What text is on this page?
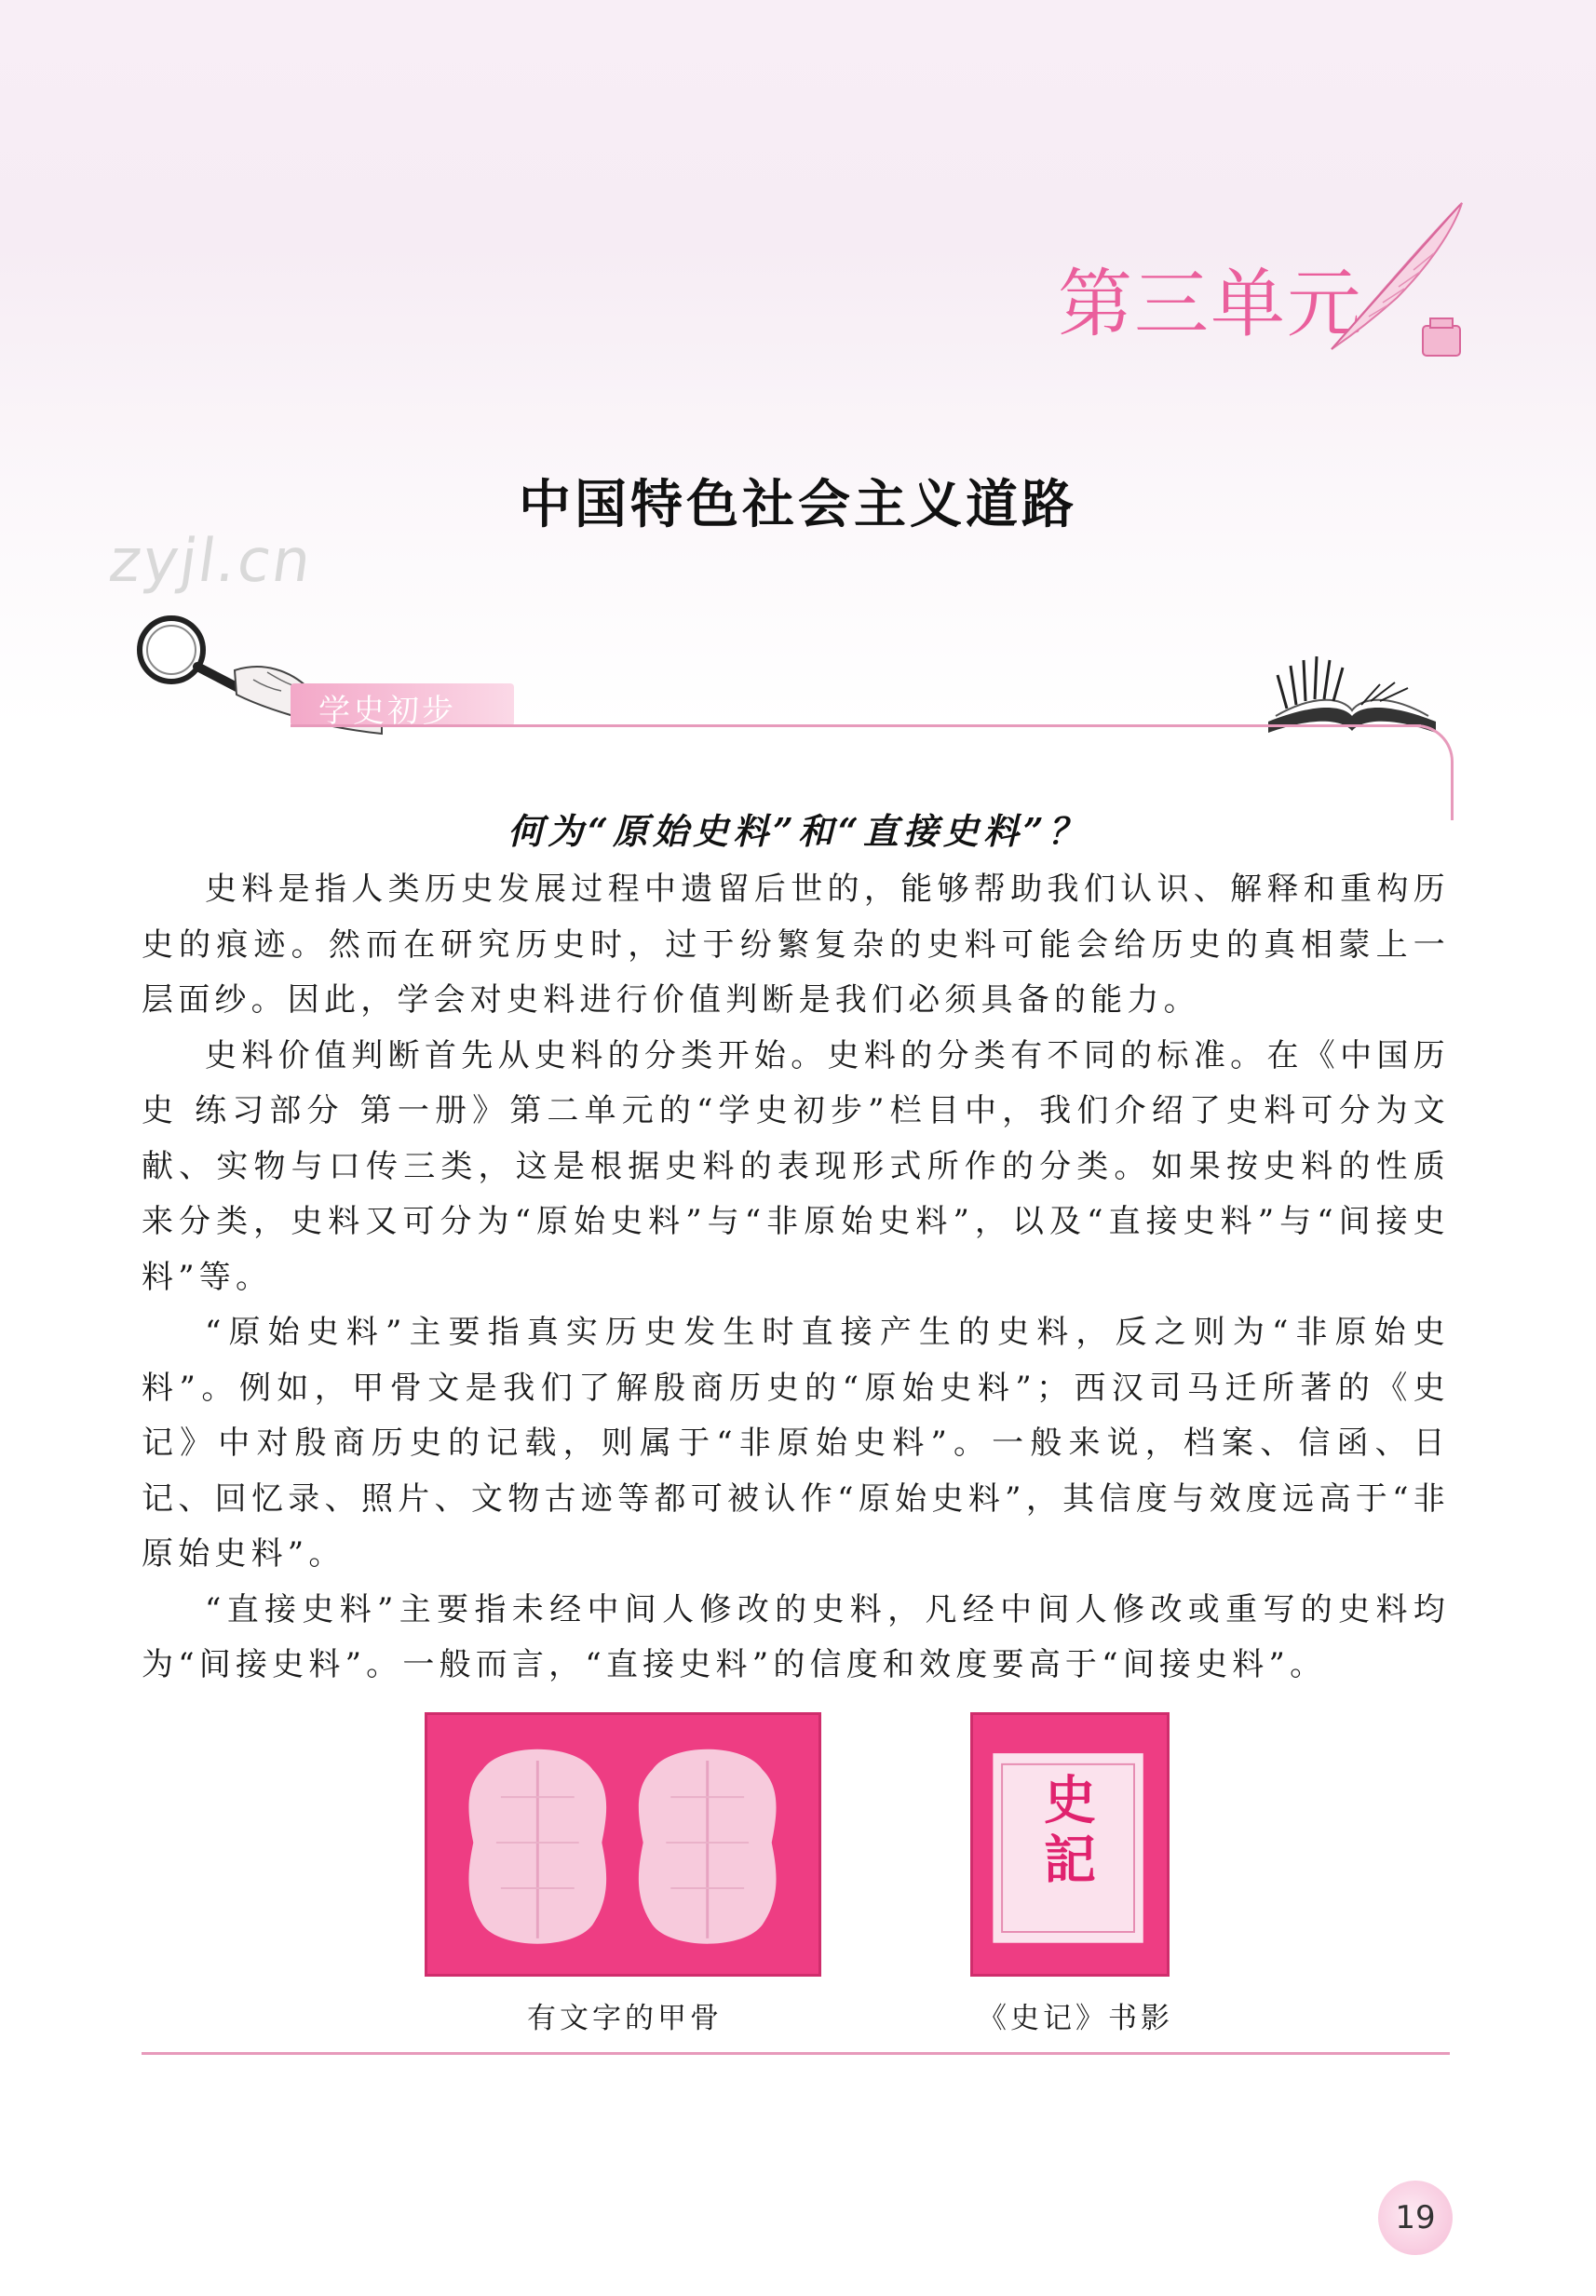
第三单元
中国特色社会主义道路
zyjl.cn
学史初步
何为“原始史料”和“直接史料”？

史料是指人类历史发展过程中遗留后世的，能够帮助我们认识、解释和重构历史的痕迹。然而在研究历史时，过于纷繁复杂的史料可能会给历史的真相蒙上一层面纱。因此，学会对史料进行价值判断是我们必须具备的能力。

史料价值判断首先从史料的分类开始。史料的分类有不同的标准。在《中国历史 练习部分 第一册》第二单元的“学史初步”栏目中，我们介绍了史料可分为文献、实物与口传三类，这是根据史料的表现形式所作的分类。如果按史料的性质来分类，史料又可分为“原始史料”与“非原始史料”，以及“直接史料”与“间接史料”等。

“原始史料”主要指真实历史发生时直接产生的史料，反之则为“非原始史料”。例如，甲骨文是我们了解殷商历史的“原始史料”；西汉司马迁所著的《史记》中对殷商历史的记载，则属于“非原始史料”。一般来说，档案、信函、日记、回忆录、照片、文物古迹等都可被认作“原始史料”，其信度与效度远高于“非原始史料”。

“直接史料”主要指未经中间人修改的史料，凡经中间人修改或重写的史料均为“间接史料”。一般而言，“直接史料”的信度和效度要高于“间接史料”。

史
記
有文字的甲骨	《史记》书影
19
